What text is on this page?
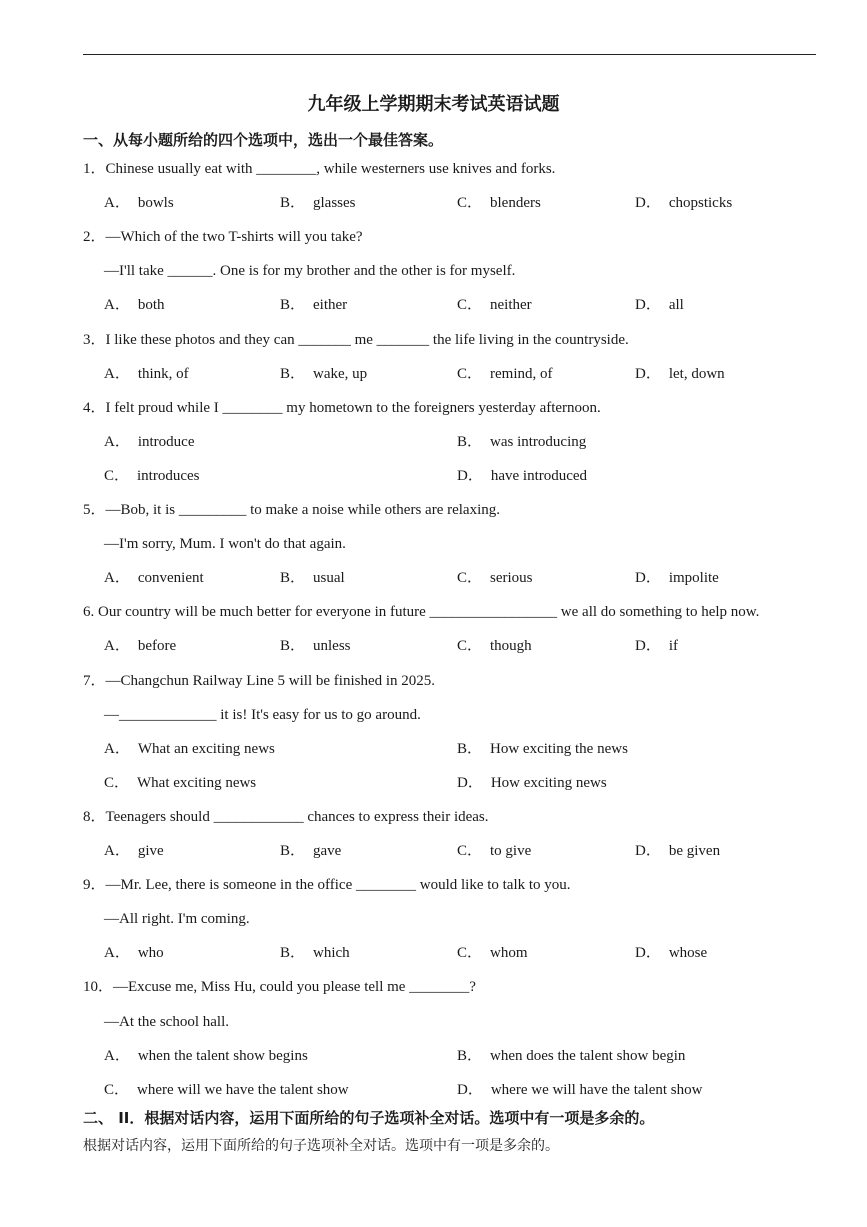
九年级上学期期末考试英语试题
一、从每小题所给的四个选项中，选出一个最佳答案。
1．Chinese usually eat with ________, while westerners use knives and forks.
A． bowls	B． glasses	C． blenders	D． chopsticks
2．—Which of the two T-shirts will you take?
—I'll take ______. One is for my brother and the other is for myself.
A． both	B． either	C． neither	D． all
3．I like these photos and they can _______ me _______ the life living in the countryside.
A． think, of	B． wake, up	C． remind, of	D． let, down
4．I felt proud while I ________ my hometown to the foreigners yesterday afternoon.
A． introduce	B． was introducing
C． introduces	D． have introduced
5．—Bob, it is _________ to make a noise while others are relaxing.
—I'm sorry, Mum. I won't do that again.
A． convenient	B． usual	C． serious	D． impolite
6. Our country will be much better for everyone in future _________________ we all do something to help now.
A． before	B． unless	C． though	D． if
7．—Changchun Railway Line 5 will be finished in 2025.
—_____________ it is! It's easy for us to go around.
A． What an exciting news	B． How exciting the news
C． What exciting news	D． How exciting news
8．Teenagers should ____________ chances to express their ideas.
A． give	B． gave	C． to give	D． be given
9．—Mr. Lee, there is someone in the office ________ would like to talk to you.
—All right. I'm coming.
A． who	B． which	C． whom	D． whose
10．—Excuse me, Miss Hu, could you please tell me ________?
—At the school hall.
A． when the talent show begins	B． when does the talent show begin
C． where will we have the talent show	D． where we will have the talent show
二、 II．根据对话内容，运用下面所给的句子选项补全对话。选项中有一项是多余的。
根据对话内容，运用下面所给的句子选项补全对话。选项中有一项是多余的。
